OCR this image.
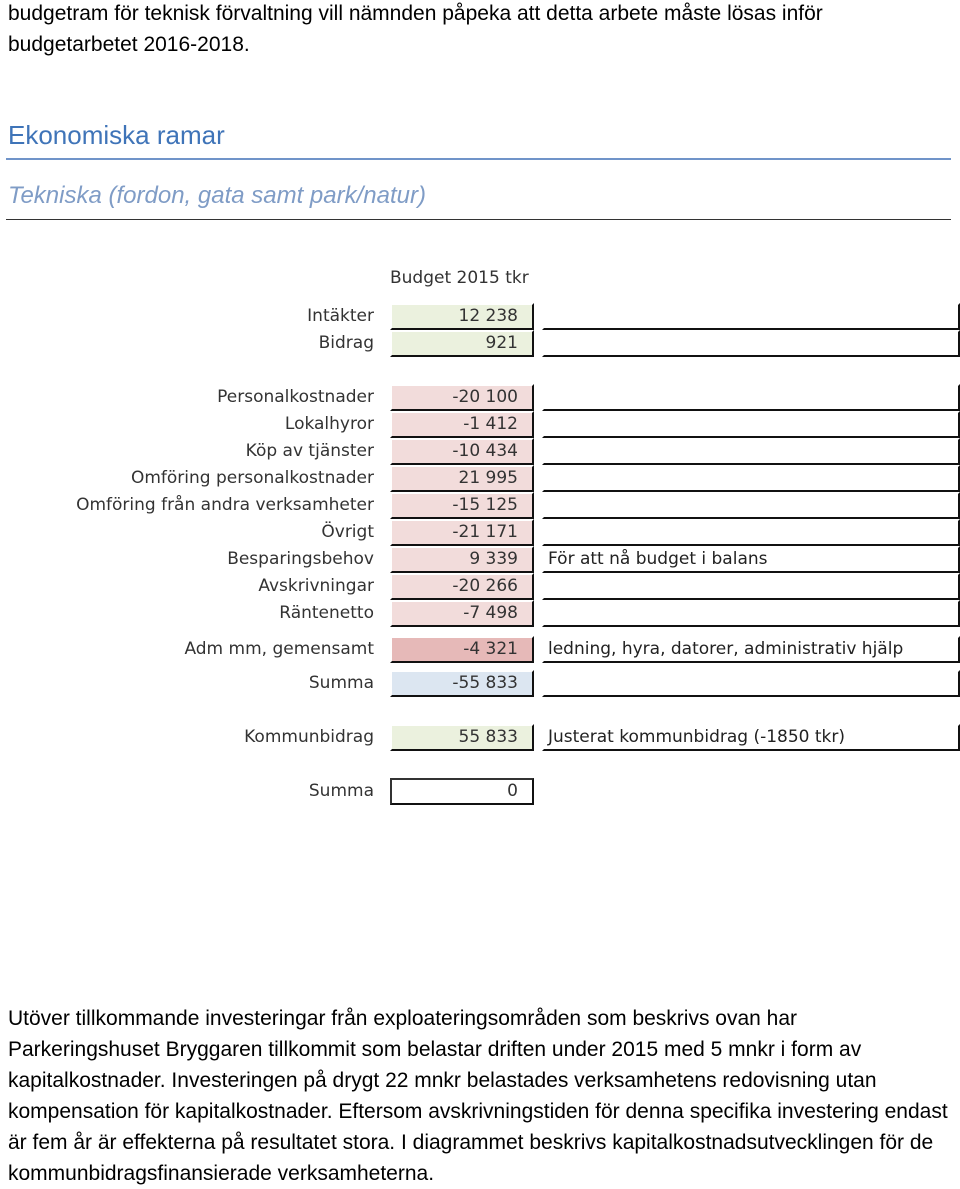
budgetram för teknisk förvaltning vill nämnden påpeka att detta arbete måste lösas inför budgetarbetet 2016-2018.

Ekonomiska ramar
Tekniska (fordon, gata samt park/natur)
Budget 2015 tkr
Intäkter	12 238
Bidrag	921
Personalkostnader	-20 100
Lokalhyror	-1 412
Köp av tjänster	-10 434
Omföring personalkostnader	21 995
Omföring från andra verksamheter	-15 125
Övrigt	-21 171
Besparingsbehov	9 339	För att nå budget i balans
Avskrivningar	-20 266
Räntenetto	-7 498
Adm mm, gemensamt	-4 321	ledning, hyra, datorer, administrativ hjälp
Summa	-55 833
Kommunbidrag	55 833	Justerat kommunbidrag (-1850 tkr)
Summa	0

Utöver tillkommande investeringar från exploateringsområden som beskrivs ovan har Parkeringshuset Bryggaren tillkommit som belastar driften under 2015 med 5 mnkr i form av kapitalkostnader. Investeringen på drygt 22 mnkr belastades verksamhetens redovisning utan kompensation för kapitalkostnader. Eftersom avskrivningstiden för denna specifika investering endast är fem år är effekterna på resultatet stora. I diagrammet beskrivs kapitalkostnadsutvecklingen för de kommunbidragsfinansierade verksamheterna.
